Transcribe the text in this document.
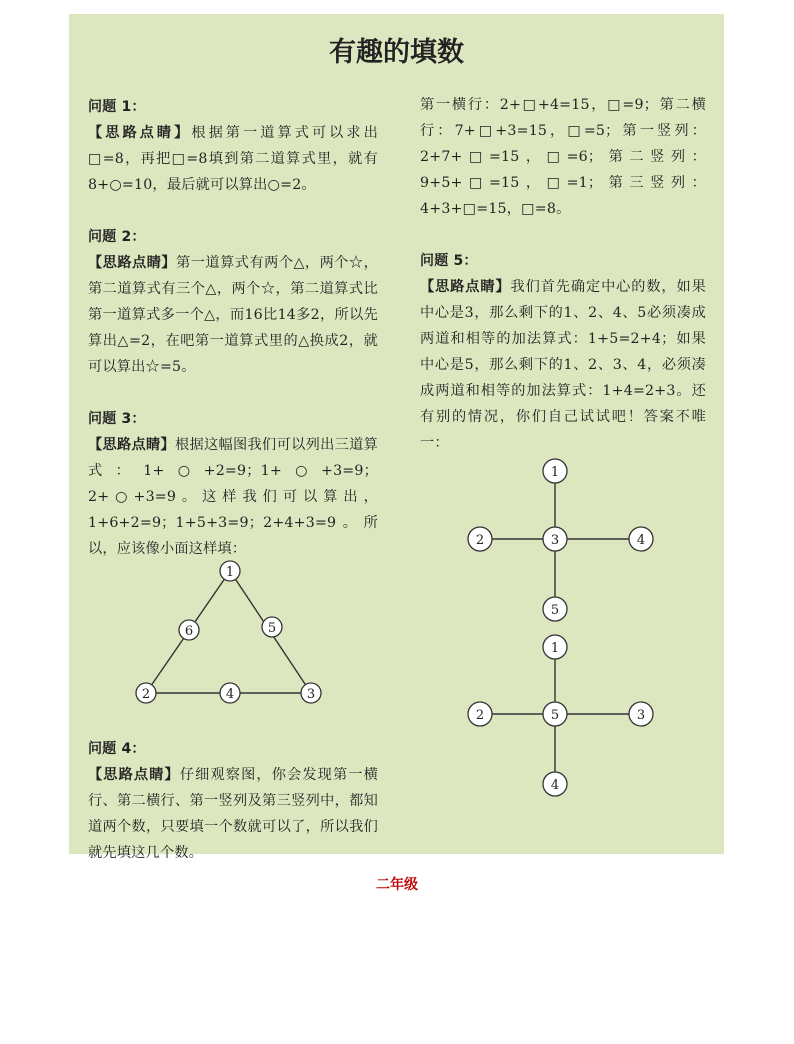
有趣的填数

问题 1：

【思路点睛】根据第一道算式可以求出□=8，再把□=8填到第二道算式里，就有8+○=10，最后就可以算出○=2。

问题 2：

【思路点睛】第一道算式有两个△，两个☆，第二道算式有三个△，两个☆，第二道算式比第一道算式多一个△，而16比14多2，所以先算出△=2，在吧第一道算式里的△换成2，就可以算出☆=5。

问题 3：

【思路点睛】根据这幅图我们可以列出三道算式：1+○+2=9；1+○+3=9；2+○+3=9。这样我们可以算出，1+6+2=9；1+5+3=9；2+4+3=9。所以，应该像小面这样填：

1
6	5
2	4	3

问题 4：

【思路点睛】仔细观察图，你会发现第一横行、第二横行、第一竖列及第三竖列中，都知道两个数，只要填一个数就可以了，所以我们就先填这几个数。

第一横行：2+□+4=15，□=9；第二横行：7+□+3=15，□=5；第一竖列：2+7+□=15，□=6；第二竖列：9+5+□=15，□=1；第三竖列：4+3+□=15，□=8。

问题 5：

【思路点睛】我们首先确定中心的数，如果中心是3，那么剩下的1、2、4、5必须凑成两道和相等的加法算式：1+5=2+4；如果中心是5，那么剩下的1、2、3、4，必须凑成两道和相等的加法算式：1+4=2+3。还有别的情况，你们自己试试吧！答案不唯一：

1
2	3	4
5
1
2	5	3
4
二年级
